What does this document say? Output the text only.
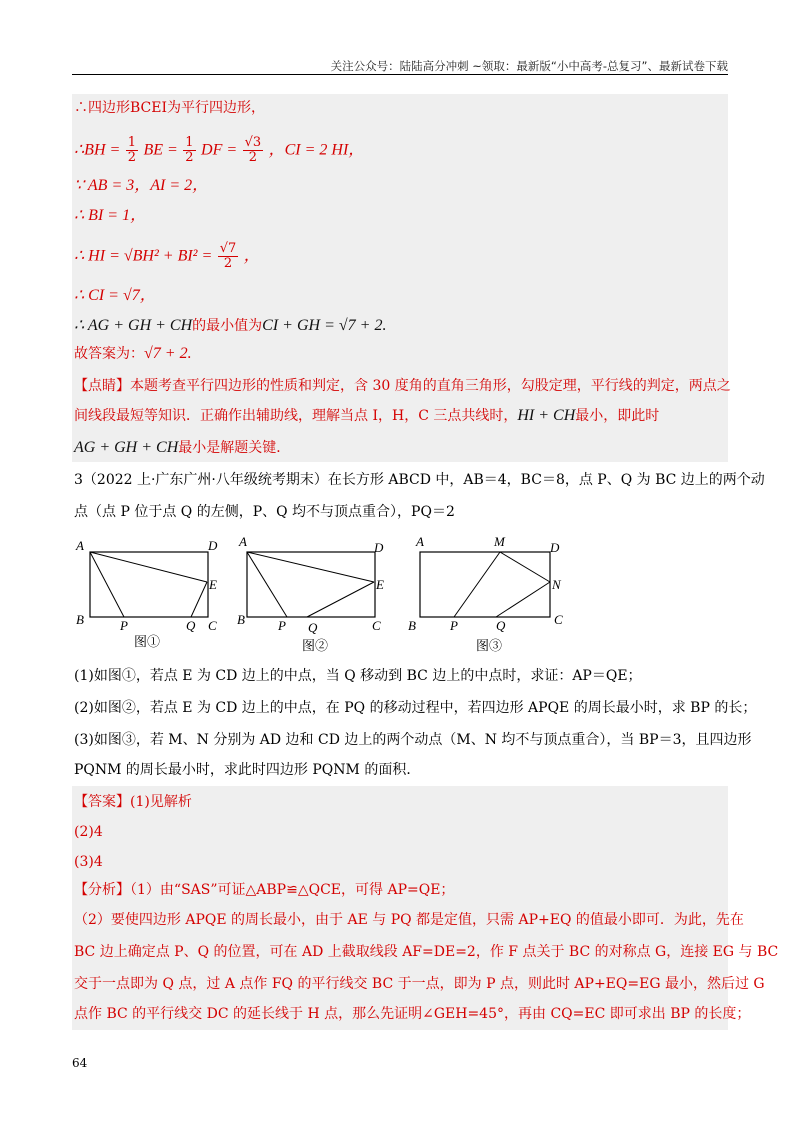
关注公众号：陆陆高分冲刺 ~领取：最新版“小中高考-总复习”、最新试卷下载
∴四边形BCEI为平行四边形，
∴BH = $\frac{1}{2}$ BE = $\frac{1}{2}$ DF = $\frac{√3}{2}$ ，CI = 2 HI，
∵ AB = 3，AI = 2，
∴ BI = 1，
∴ HI = $√BH^2 + BI^2 = \frac{√7}{2}$ ，
∴ CI = √7，
∴ AG + GH + CH的最小值为CI + GH = √7 + 2.
故答案为：√7 + 2.
【点睛】本题考查平行四边形的性质和判定，含 30 度角的直角三角形，勾股定理，平行线的判定，两点之
间线段最短等知识．正确作出辅助线，理解当点 I，H，C 三点共线时，HI + CH最小，即此时
AG + GH + CH最小是解题关键．
3（2022 上·广东广州·八年级统考期末）在长方形 ABCD 中，AB＝4，BC＝8，点 P、Q 为 BC 边上的两个动
点（点 P 位于点 Q 的左侧，P、Q 均不与顶点重合），PQ＝2
A	D
E
B	P	Q C
图①
A	D
E
B	P Q	C
图②
A	M	D
N
B	P	Q	C
图③
(1)如图①，若点 E 为 CD 边上的中点，当 Q 移动到 BC 边上的中点时，求证：AP＝QE；
(2)如图②，若点 E 为 CD 边上的中点，在 PQ 的移动过程中，若四边形 APQE 的周长最小时，求 BP 的长；
(3)如图③，若 M、N 分别为 AD 边和 CD 边上的两个动点（M、N 均不与顶点重合），当 BP＝3，且四边形
PQNM 的周长最小时，求此时四边形 PQNM 的面积．
【答案】(1)见解析
(2)4
(3)4
【分析】（1）由“SAS”可证△ABP≌△QCE，可得 AP=QE；
（2）要使四边形 APQE 的周长最小，由于 AE 与 PQ 都是定值，只需 AP+EQ 的值最小即可．为此，先在
BC 边上确定点 P、Q 的位置，可在 AD 上截取线段 AF=DE=2，作 F 点关于 BC 的对称点 G，连接 EG 与 BC
交于一点即为 Q 点，过 A 点作 FQ 的平行线交 BC 于一点，即为 P 点，则此时 AP+EQ=EG 最小，然后过 G
点作 BC 的平行线交 DC 的延长线于 H 点，那么先证明∠GEH=45°，再由 CQ=EC 即可求出 BP 的长度；
64
